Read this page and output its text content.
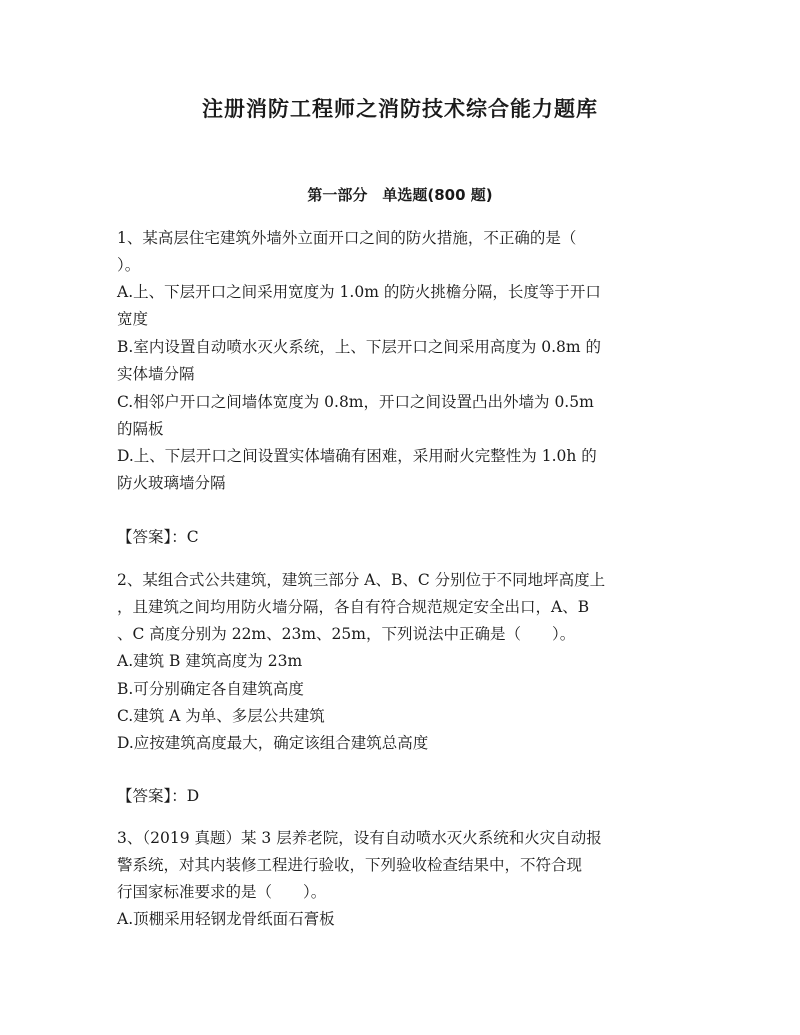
注册消防工程师之消防技术综合能力题库
第一部分　单选题(800 题)
1、某高层住宅建筑外墙外立面开口之间的防火措施，不正确的是（
）。
A.上、下层开口之间采用宽度为 1.0m 的防火挑檐分隔，长度等于开口
宽度
B.室内设置自动喷水灭火系统，上、下层开口之间采用高度为 0.8m 的
实体墙分隔
C.相邻户开口之间墙体宽度为 0.8m，开口之间设置凸出外墙为 0.5m
的隔板
D.上、下层开口之间设置实体墙确有困难，采用耐火完整性为 1.0h 的
防火玻璃墙分隔
【答案】：C
2、某组合式公共建筑，建筑三部分 A、B、C 分别位于不同地坪高度上
，且建筑之间均用防火墙分隔，各自有符合规范规定安全出口，A、B
、C 高度分别为 22m、23m、25m，下列说法中正确是（　　）。
A.建筑 B 建筑高度为 23m
B.可分别确定各自建筑高度
C.建筑 A 为单、多层公共建筑
D.应按建筑高度最大，确定该组合建筑总高度
【答案】：D
3、（2019 真题）某 3 层养老院，设有自动喷水灭火系统和火灾自动报
警系统，对其内装修工程进行验收，下列验收检查结果中，不符合现
行国家标准要求的是（　　）。
A.顶棚采用轻钢龙骨纸面石膏板
